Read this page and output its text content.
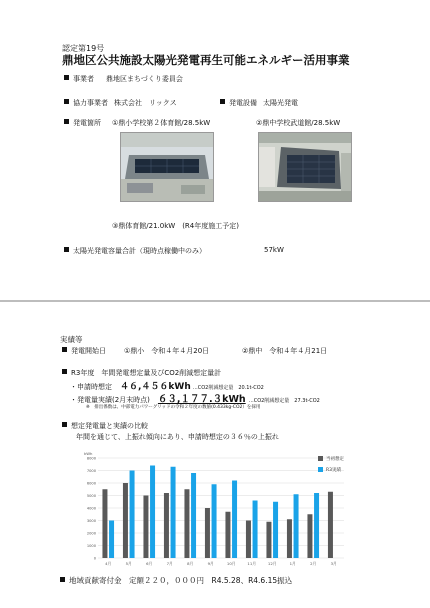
認定第19号
鼎地区公共施設太陽光発電再生可能エネルギー活用事業
事業者 鼎地区まちづくり委員会
協力事業者 株式会社　リックス	発電設備 太陽光発電
発電箇所 ①鼎小学校第２体育館/28.5kW	②鼎中学校武道館/28.5kW
③鼎体育館/21.0kW　(R4年度施工予定)
太陽光発電容量合計（現時点稼働中のみ）	57kW
実績等
発電開始日	①鼎小　令和４年４月20日	②鼎中　令和４年４月21日
R3年度　年間発電想定量及びCO2削減想定量計
・申請時想定 ４６,４５６kWh …CO2削減想定量　20.1t-CO2
・発電量実績(2月末時点) ６３,１７７.３kWh …CO2削減想定量　27.3t-CO2
※　排出係数は、中部電力パワーグリッドの令和２年度の数値(0.433kg-CO2）を採用
想定発電量と実績の比較
年間を通じて、上振れ傾向にあり、申請時想定の３６％の上振れ
0
1000
2000
3000
4000
5000
6000
7000
8000
kWh
4月	5月	6月	7月	8月	9月	10月	11月	12月	1月	2月	3月
当初想定
R3実績
地域貢献寄付金　定額２２０，０００円　R4.5.28、R4.6.15振込
